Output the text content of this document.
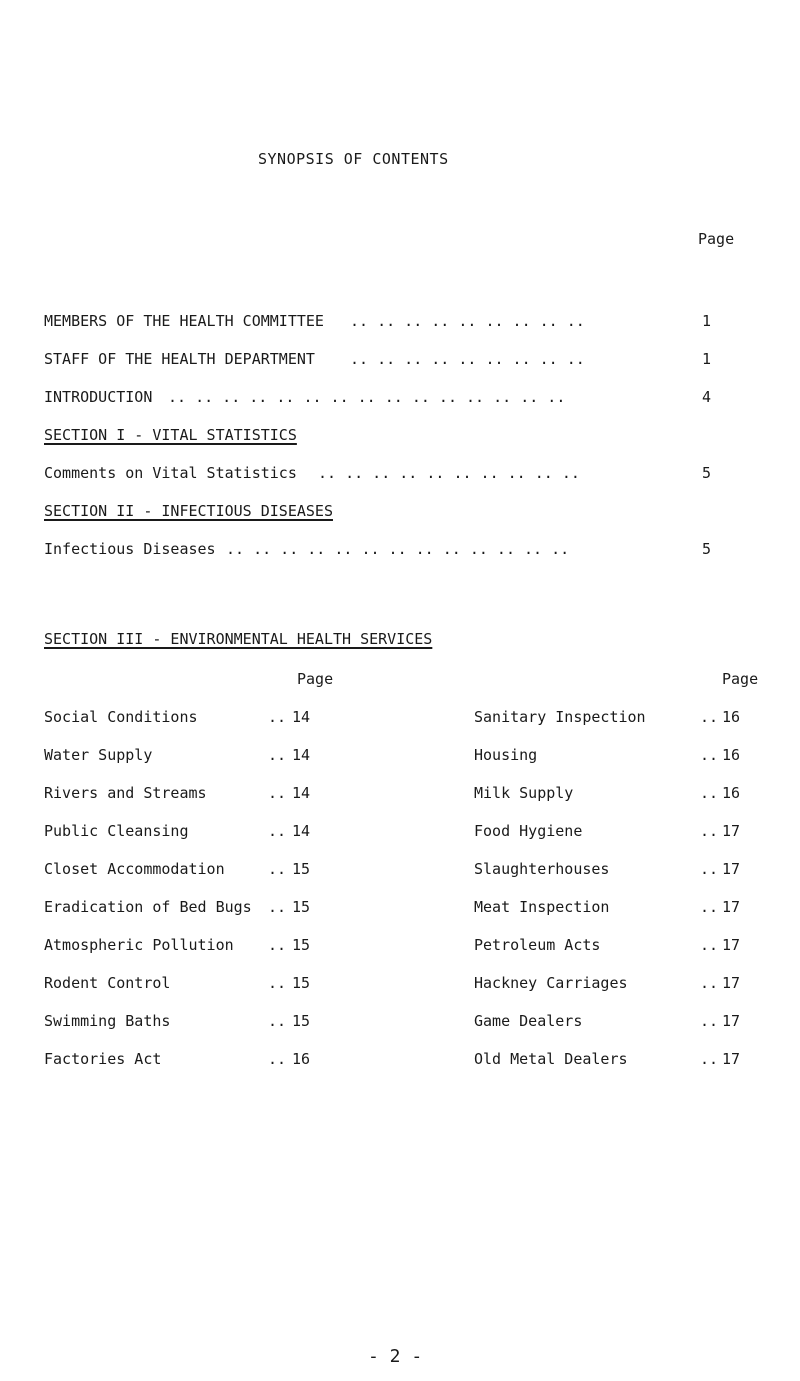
SYNOPSIS OF CONTENTS
Page
MEMBERS OF THE HEALTH COMMITTEE .. .. .. .. .. .. .. .. ..	1
STAFF OF THE HEALTH DEPARTMENT .. .. .. .. .. .. .. .. ..	1
INTRODUCTION .. .. .. .. .. .. .. .. .. .. .. .. .. .. ..	4
SECTION I - VITAL STATISTICS
Comments on Vital Statistics .. .. .. .. .. .. .. .. .. ..	5
SECTION II - INFECTIOUS DISEASES
Infectious Diseases .. .. .. .. .. .. .. .. .. .. .. .. ..	5
SECTION III - ENVIRONMENTAL HEALTH SERVICES
Page	Page
Social Conditions	.. 14
Water Supply	.. 14
Rivers and Streams	.. 14
Public Cleansing	.. 14
Closet Accommodation	.. 15
Eradication of Bed Bugs .. 15
Atmospheric Pollution .. 15
Rodent Control	.. 15
Swimming Baths	.. 15
Factories Act	.. 16
Sanitary Inspection	.. 16
Housing	.. 16
Milk Supply	.. 16
Food Hygiene	.. 17
Slaughterhouses	.. 17
Meat Inspection	.. 17
Petroleum Acts	.. 17
Hackney Carriages	.. 17
Game Dealers	.. 17
Old Metal Dealers	.. 17
- 2 -
